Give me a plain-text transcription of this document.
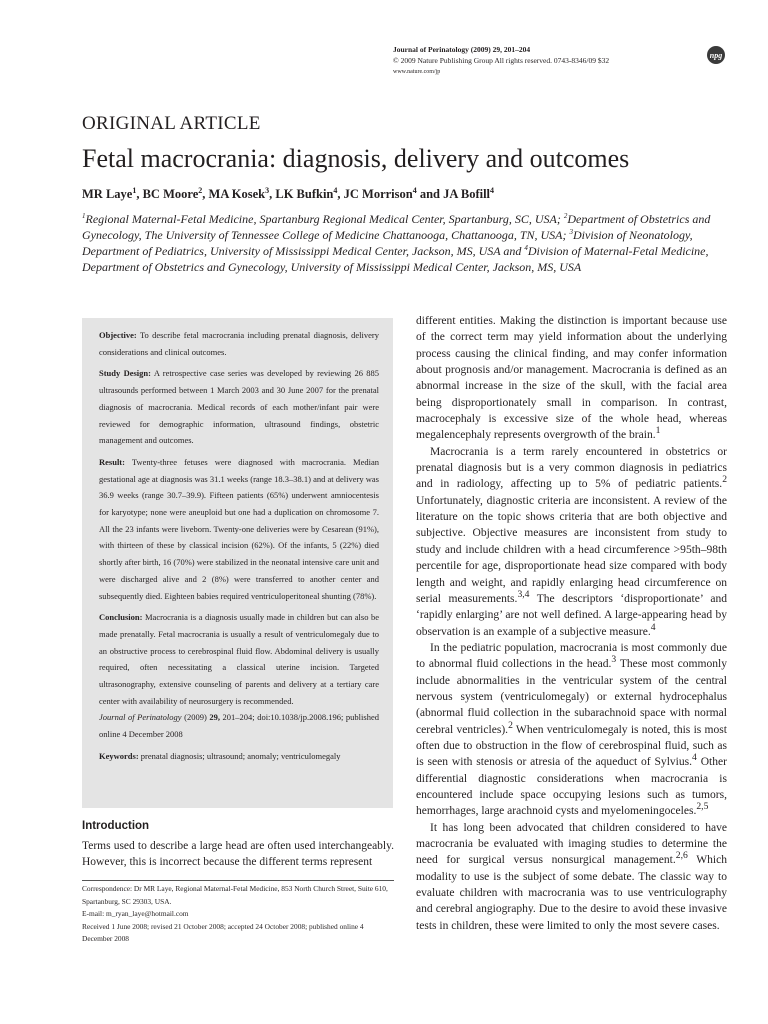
Journal of Perinatology (2009) 29, 201–204
© 2009 Nature Publishing Group All rights reserved. 0743-8346/09 $32
www.nature.com/jp
npg
ORIGINAL ARTICLE
Fetal macrocrania: diagnosis, delivery and outcomes
MR Laye$^1$, BC Moore$^2$, MA Kosek$^3$, LK Bufkin$^4$, JC Morrison$^4$ and JA Bofill$^4$
$^1$Regional Maternal-Fetal Medicine, Spartanburg Regional Medical Center, Spartanburg, SC, USA; $^2$Department of Obstetrics and Gynecology, The University of Tennessee College of Medicine Chattanooga, Chattanooga, TN, USA; $^3$Division of Neonatology, Department of Pediatrics, University of Mississippi Medical Center, Jackson, MS, USA and $^4$Division of Maternal-Fetal Medicine, Department of Obstetrics and Gynecology, University of Mississippi Medical Center, Jackson, MS, USA

Objective: To describe fetal macrocrania including prenatal diagnosis, delivery considerations and clinical outcomes.

Study Design: A retrospective case series was developed by reviewing 26 885 ultrasounds performed between 1 March 2003 and 30 June 2007 for the prenatal diagnosis of macrocrania. Medical records of each mother/infant pair were reviewed for demographic information, ultrasound findings, obstetric management and outcomes.

Result: Twenty-three fetuses were diagnosed with macrocrania. Median gestational age at diagnosis was 31.1 weeks (range 18.3–38.1) and at delivery was 36.9 weeks (range 30.7–39.9). Fifteen patients (65%) underwent amniocentesis for karyotype; none were aneuploid but one had a duplication on chromosome 7. All the 23 infants were liveborn. Twenty-one deliveries were by Cesarean (91%), with thirteen of these by classical incision (62%). Of the infants, 5 (22%) died shortly after birth, 16 (70%) were stabilized in the neonatal intensive care unit and were discharged alive and 2 (8%) were transferred to another center and subsequently died. Eighteen babies required ventriculoperitoneal shunting (78%).

Conclusion: Macrocrania is a diagnosis usually made in children but can also be made prenatally. Fetal macrocrania is usually a result of ventriculomegaly due to an obstructive process to cerebrospinal fluid flow. Abdominal delivery is usually required, often necessitating a classical uterine incision. Targeted ultrasonography, extensive counseling of parents and delivery at a tertiary care center with availability of neurosurgery is recommended.
Journal of Perinatology (2009) 29, 201–204; doi:10.1038/jp.2008.196; published online 4 December 2008

Keywords: prenatal diagnosis; ultrasound; anomaly; ventriculomegaly

Introduction
Terms used to describe a large head are often used interchangeably. However, this is incorrect because the different terms represent

Correspondence: Dr MR Laye, Regional Maternal-Fetal Medicine, 853 North Church Street, Suite 610, Spartanburg, SC 29303, USA.

E-mail: m_ryan_laye@hotmail.com

Received 1 June 2008; revised 21 October 2008; accepted 24 October 2008; published online 4 December 2008

different entities. Making the distinction is important because use of the correct term may yield information about the underlying process causing the clinical finding, and may confer information about prognosis and/or management. Macrocrania is defined as an abnormal increase in the size of the skull, with the facial area being disproportionately small in comparison. In contrast, macrocephaly is excessive size of the whole head, whereas megalencephaly represents overgrowth of the brain.$^1$

Macrocrania is a term rarely encountered in obstetrics or prenatal diagnosis but is a very common diagnosis in pediatrics and in radiology, affecting up to 5% of pediatric patients.$^2$ Unfortunately, diagnostic criteria are inconsistent. A review of the literature on the topic shows criteria that are both objective and subjective. Objective measures are inconsistent from study to study and include children with a head circumference >95th–98th percentile for age, disproportionate head size compared with body length and weight, and rapidly enlarging head circumference on serial measurements.$^{3,4}$ The descriptors ‘disproportionate’ and ‘rapidly enlarging’ are not well defined. A large-appearing head by observation is an example of a subjective measure.$^4$

In the pediatric population, macrocrania is most commonly due to abnormal fluid collections in the head.$^3$ These most commonly include abnormalities in the ventricular system of the central nervous system (ventriculomegaly) or external hydrocephalus (abnormal fluid collection in the subarachnoid space with normal cerebral ventricles).$^2$ When ventriculomegaly is noted, this is most often due to obstruction in the flow of cerebrospinal fluid, such as is seen with stenosis or atresia of the aqueduct of Sylvius.$^4$ Other differential diagnostic considerations when macrocrania is encountered include space occupying lesions such as tumors, hemorrhages, large arachnoid cysts and myelomeningoceles.$^{2,5}$

It has long been advocated that children considered to have macrocrania be evaluated with imaging studies to determine the need for surgical versus nonsurgical management.$^{2,6}$ Which modality to use is the subject of some debate. The classic way to evaluate children with macrocrania was to use ventriculography and cerebral angiography. Due to the desire to avoid these invasive tests in children, these were limited to only the most severe cases.
